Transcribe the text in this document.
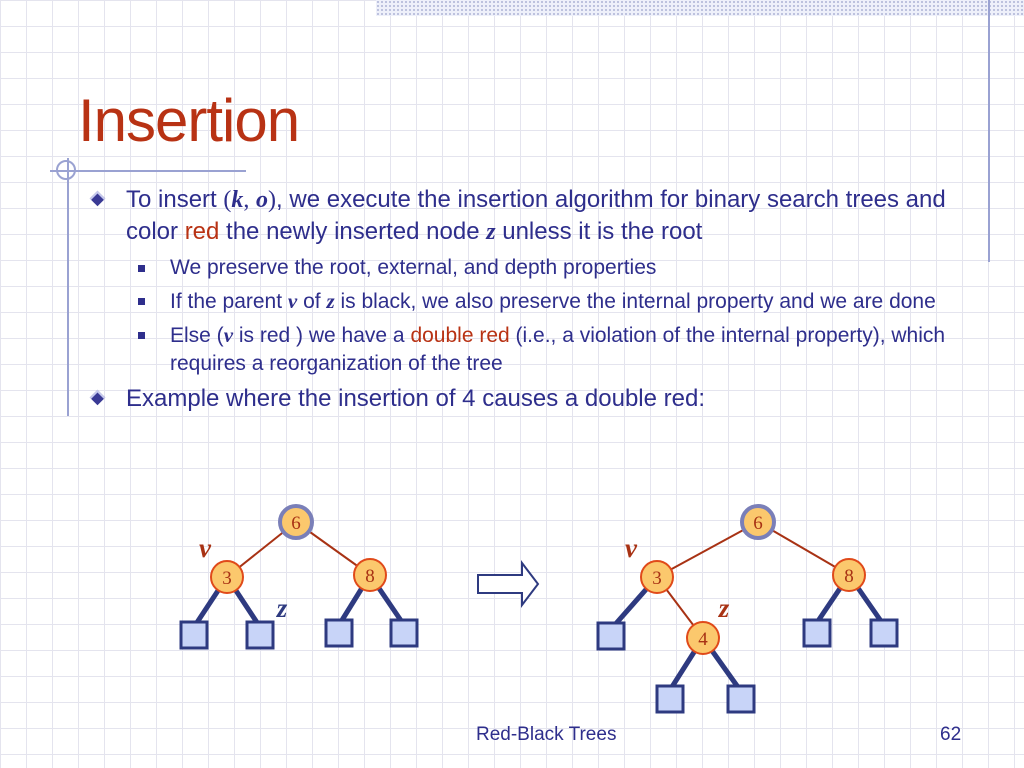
Insertion
To insert (k, o), we execute the insertion algorithm for binary search trees and color red the newly inserted node z unless it is the root
We preserve the root, external, and depth properties
If the parent v of z is black, we also preserve the internal property and we are done
Else (v is red ) we have a double red (i.e., a violation of the internal property), which requires a reorganization of the tree
Example where the insertion of 4 causes a double red:
6
3	8
v
z
6
3	8
4
v
z
Red-Black Trees	62
